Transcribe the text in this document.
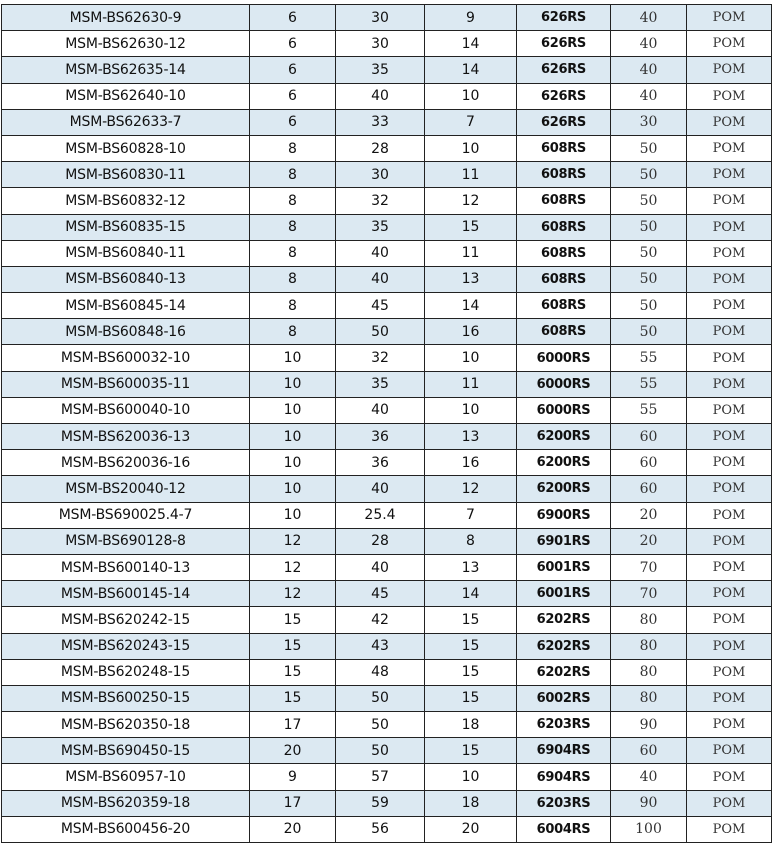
MSM-BS62630-9	6	30	9	626RS	40	POM
MSM-BS62630-12	6	30	14	626RS	40	POM
MSM-BS62635-14	6	35	14	626RS	40	POM
MSM-BS62640-10	6	40	10	626RS	40	POM
MSM-BS62633-7	6	33	7	626RS	30	POM
MSM-BS60828-10	8	28	10	608RS	50	POM
MSM-BS60830-11	8	30	11	608RS	50	POM
MSM-BS60832-12	8	32	12	608RS	50	POM
MSM-BS60835-15	8	35	15	608RS	50	POM
MSM-BS60840-11	8	40	11	608RS	50	POM
MSM-BS60840-13	8	40	13	608RS	50	POM
MSM-BS60845-14	8	45	14	608RS	50	POM
MSM-BS60848-16	8	50	16	608RS	50	POM
MSM-BS600032-10	10	32	10	6000RS	55	POM
MSM-BS600035-11	10	35	11	6000RS	55	POM
MSM-BS600040-10	10	40	10	6000RS	55	POM
MSM-BS620036-13	10	36	13	6200RS	60	POM
MSM-BS620036-16	10	36	16	6200RS	60	POM
MSM-BS20040-12	10	40	12	6200RS	60	POM
MSM-BS690025.4-7	10	25.4	7	6900RS	20	POM
MSM-BS690128-8	12	28	8	6901RS	20	POM
MSM-BS600140-13	12	40	13	6001RS	70	POM
MSM-BS600145-14	12	45	14	6001RS	70	POM
MSM-BS620242-15	15	42	15	6202RS	80	POM
MSM-BS620243-15	15	43	15	6202RS	80	POM
MSM-BS620248-15	15	48	15	6202RS	80	POM
MSM-BS600250-15	15	50	15	6002RS	80	POM
MSM-BS620350-18	17	50	18	6203RS	90	POM
MSM-BS690450-15	20	50	15	6904RS	60	POM
MSM-BS60957-10	9	57	10	6904RS	40	POM
MSM-BS620359-18	17	59	18	6203RS	90	POM
MSM-BS600456-20	20	56	20	6004RS	100	POM
